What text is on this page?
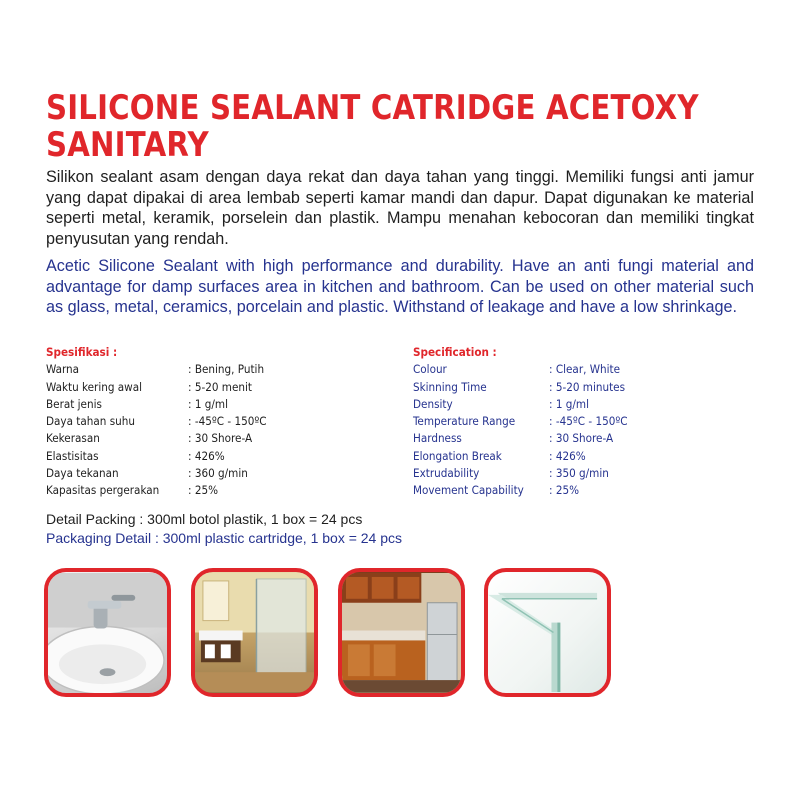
SILICONE SEALANT CATRIDGE ACETOXY SANITARY

Silikon sealant asam dengan daya rekat dan daya tahan yang tinggi. Memiliki fungsi anti jamur yang dapat dipakai di area lembab seperti kamar mandi dan dapur. Dapat digunakan ke material seperti metal, keramik, porselein dan plastik. Mampu menahan kebocoran dan memiliki tingkat penyusutan yang rendah.

Acetic Silicone Sealant with high performance and durability. Have an anti fungi material and advantage for damp surfaces area in kitchen and bathroom. Can be used on other material such as glass, metal, ceramics, porcelain and plastic. Withstand of leakage and have a low shrinkage.

Spesifikasi :
Warna	: Bening, Putih
Waktu kering awal	: 5-20 menit
Berat jenis	: 1 g/ml
Daya tahan suhu	: -45ºC - 150ºC
Kekerasan	: 30 Shore-A
Elastisitas	: 426%
Daya tekanan	: 360 g/min
Kapasitas pergerakan	: 25%
Specification :
Colour	: Clear, White
Skinning Time	: 5-20 minutes
Density	: 1 g/ml
Temperature Range	: -45ºC - 150ºC
Hardness	: 30 Shore-A
Elongation Break	: 426%
Extrudability	: 350 g/min
Movement Capability	: 25%
Detail Packing : 300ml botol plastik, 1 box = 24 pcs
Packaging Detail : 300ml plastic cartridge, 1 box = 24 pcs
